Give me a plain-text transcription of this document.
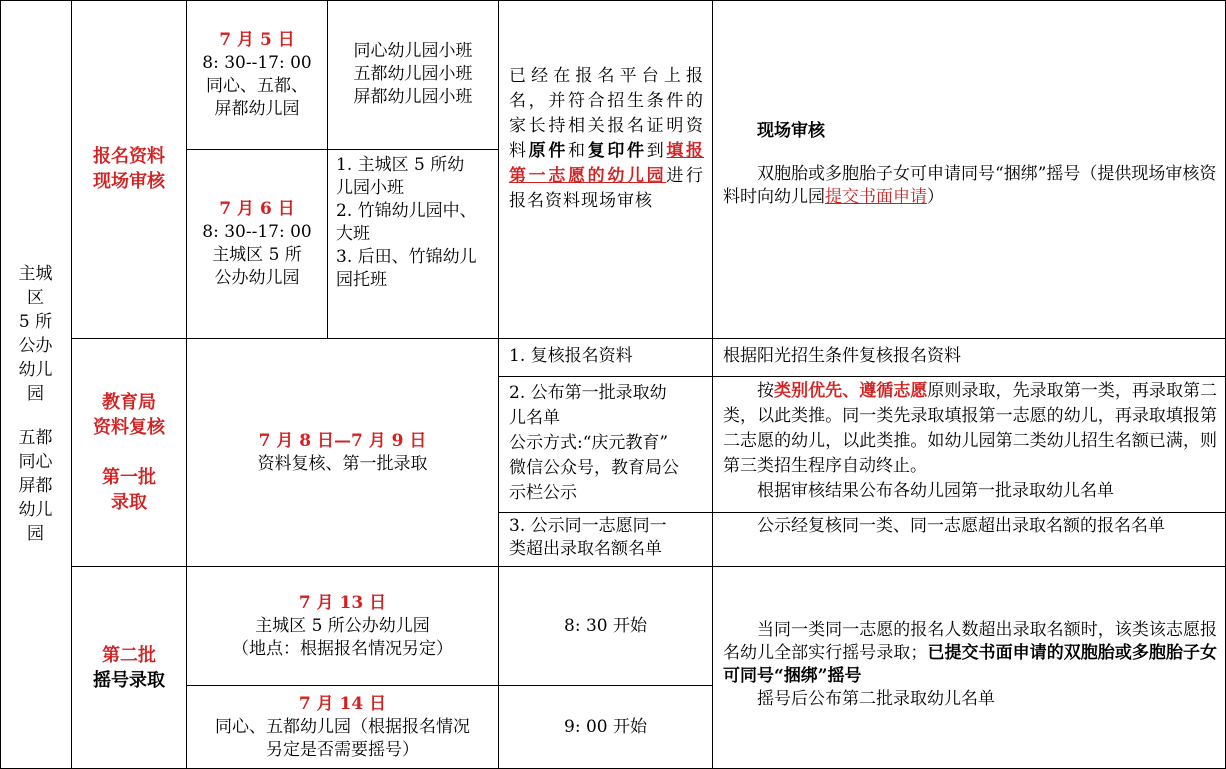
主城
区
5 所
公办
幼儿
园
五都
同心
屏都
幼儿
园
报名资料
现场审核
7 月 5 日
8: 30--17: 00
同心、五都、
屏都幼儿园
同心幼儿园小班
五都幼儿园小班
屏都幼儿园小班
7 月 6 日
8: 30--17: 00
主城区 5 所
公办幼儿园
1. 主城区 5 所幼
儿园小班
2. 竹锦幼儿园中、
大班
3. 后田、竹锦幼儿
园托班
已经在报名平台上报名，并符合招生条件的家长持相关报名证明资料原件和复印件到填报第一志愿的幼儿园进行报名资料现场审核

现场审核

双胞胎或多胞胎子女可申请同号“捆绑”摇号（提供现场审核资料时向幼儿园提交书面申请）

教育局
资料复核
第一批
录取
7 月 8 日—7 月 9 日
资料复核、第一批录取
1. 复核报名资料	根据阳光招生条件复核报名资料
2. 公布第一批录取幼
儿名单
公示方式:“庆元教育”
微信公众号，教育局公
示栏公示

按类别优先、遵循志愿原则录取，先录取第一类，再录取第二类，以此类推。同一类先录取填报第一志愿的幼儿，再录取填报第二志愿的幼儿，以此类推。如幼儿园第二类幼儿招生名额已满，则第三类招生程序自动终止。

根据审核结果公布各幼儿园第一批录取幼儿名单

3. 公示同一志愿同一
类超出录取名额名单

公示经复核同一类、同一志愿超出录取名额的报名名单

第二批
摇号录取
7 月 13 日
主城区 5 所公办幼儿园
（地点：根据报名情况另定）
8: 30 开始
7 月 14 日
同心、五都幼儿园（根据报名情况
另定是否需要摇号）
9: 00 开始

当同一类同一志愿的报名人数超出录取名额时，该类该志愿报名幼儿全部实行摇号录取；已提交书面申请的双胞胎或多胞胎子女可同号“捆绑”摇号

摇号后公布第二批录取幼儿名单
